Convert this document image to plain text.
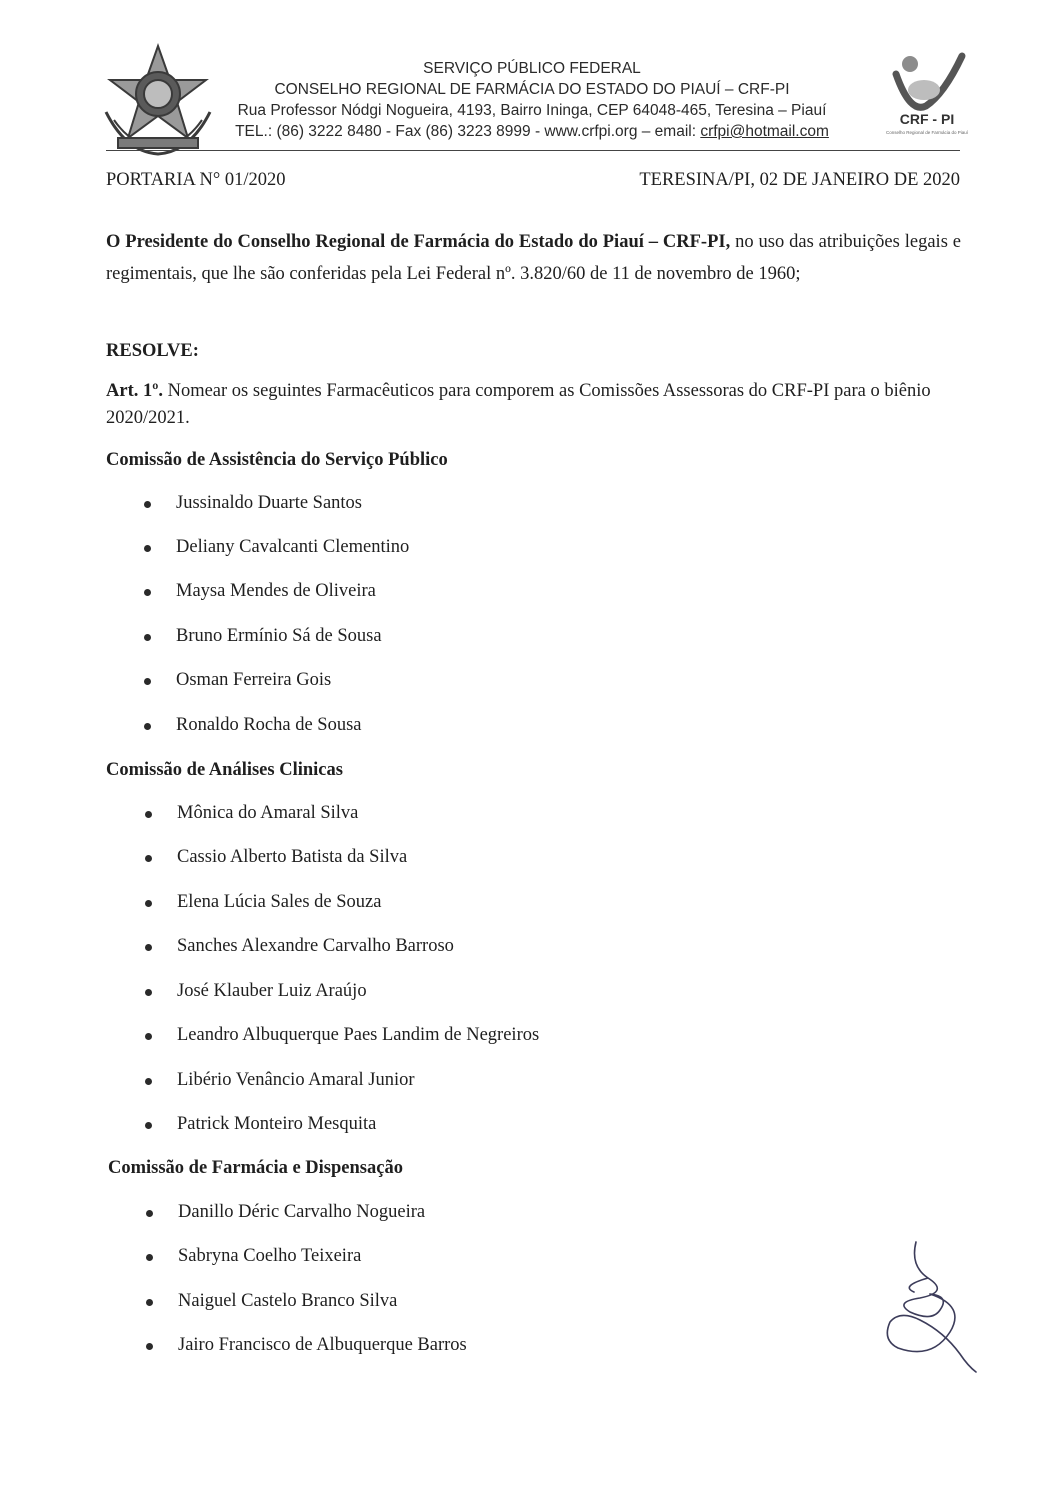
SERVIÇO PÚBLICO FEDERAL
CONSELHO REGIONAL DE FARMÁCIA DO ESTADO DO PIAUÍ – CRF-PI
Rua Professor Nódgi Nogueira, 4193, Bairro Ininga, CEP 64048-465, Teresina – Piauí
TEL.: (86) 3222 8480 - Fax (86) 3223 8999 - www.crfpi.org – email: crfpi@hotmail.com
CRF - PI
Conselho Regional de Farmácia do Piauí
PORTARIA N° 01/2020	TERESINA/PI, 02 DE JANEIRO DE 2020
O Presidente do Conselho Regional de Farmácia do Estado do Piauí – CRF-PI, no uso das atribuições legais e regimentais, que lhe são conferidas pela Lei Federal nº. 3.820/60 de 11 de novembro de 1960;
RESOLVE:
Art. 1º. Nomear os seguintes Farmacêuticos para comporem as Comissões Assessoras do CRF-PI para o biênio 2020/2021.
Comissão de Assistência do Serviço Público
Jussinaldo Duarte Santos
Deliany Cavalcanti Clementino
Maysa Mendes de Oliveira
Bruno Ermínio Sá de Sousa
Osman Ferreira Gois
Ronaldo Rocha de Sousa
Comissão de Análises Clinicas
Mônica do Amaral Silva
Cassio Alberto Batista da Silva
Elena Lúcia Sales de Souza
Sanches Alexandre Carvalho Barroso
José Klauber Luiz Araújo
Leandro Albuquerque Paes Landim de Negreiros
Libério Venâncio Amaral Junior
Patrick Monteiro Mesquita
Comissão de Farmácia e Dispensação
Danillo Déric Carvalho Nogueira
Sabryna Coelho Teixeira
Naiguel Castelo Branco Silva
Jairo Francisco de Albuquerque Barros
